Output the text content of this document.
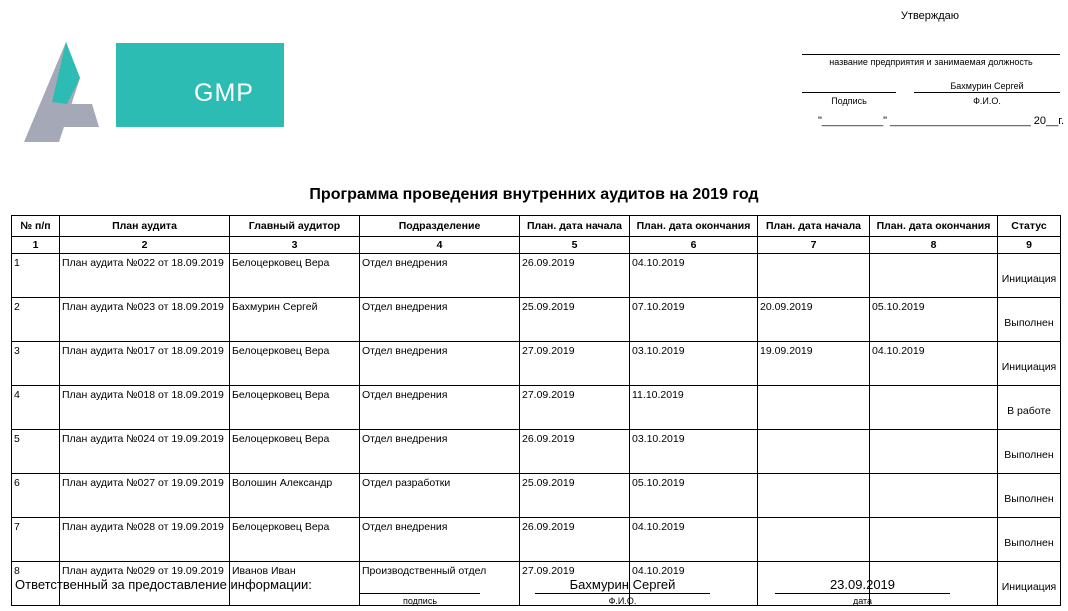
Утверждаю
название предприятия и занимаемая должность
Подпись
Бахмурин Сергей
Ф.И.О.
"__________" _______________________ 20__г.
GMP
Программа проведения внутренних аудитов на 2019 год
№ п/п	План аудита	Главный аудитор	Подразделение	План. дата начала	План. дата окончания	План. дата начала	План. дата окончания	Статус
1	2	3	4	5	6	7	8	9
1	План аудита №022 от 18.09.2019	Белоцерковец Вера	Отдел внедрения	26.09.2019	04.10.2019			Инициация
2	План аудита №023 от 18.09.2019	Бахмурин Сергей	Отдел внедрения	25.09.2019	07.10.2019	20.09.2019	05.10.2019	Выполнен
3	План аудита №017 от 18.09.2019	Белоцерковец Вера	Отдел внедрения	27.09.2019	03.10.2019	19.09.2019	04.10.2019	Инициация
4	План аудита №018 от 18.09.2019	Белоцерковец Вера	Отдел внедрения	27.09.2019	11.10.2019			В работе
5	План аудита №024 от 19.09.2019	Белоцерковец Вера	Отдел внедрения	26.09.2019	03.10.2019			Выполнен
6	План аудита №027 от 19.09.2019	Волошин Александр	Отдел разработки	25.09.2019	05.10.2019			Выполнен
7	План аудита №028 от 19.09.2019	Белоцерковец Вера	Отдел внедрения	26.09.2019	04.10.2019			Выполнен
8	План аудита №029 от 19.09.2019	Иванов Иван	Производственный отдел	27.09.2019	04.10.2019			Инициация
Ответственный за предоставление информации:
подпись
Бахмурин Сергей
Ф.И.О.
23.09.2019
дата
